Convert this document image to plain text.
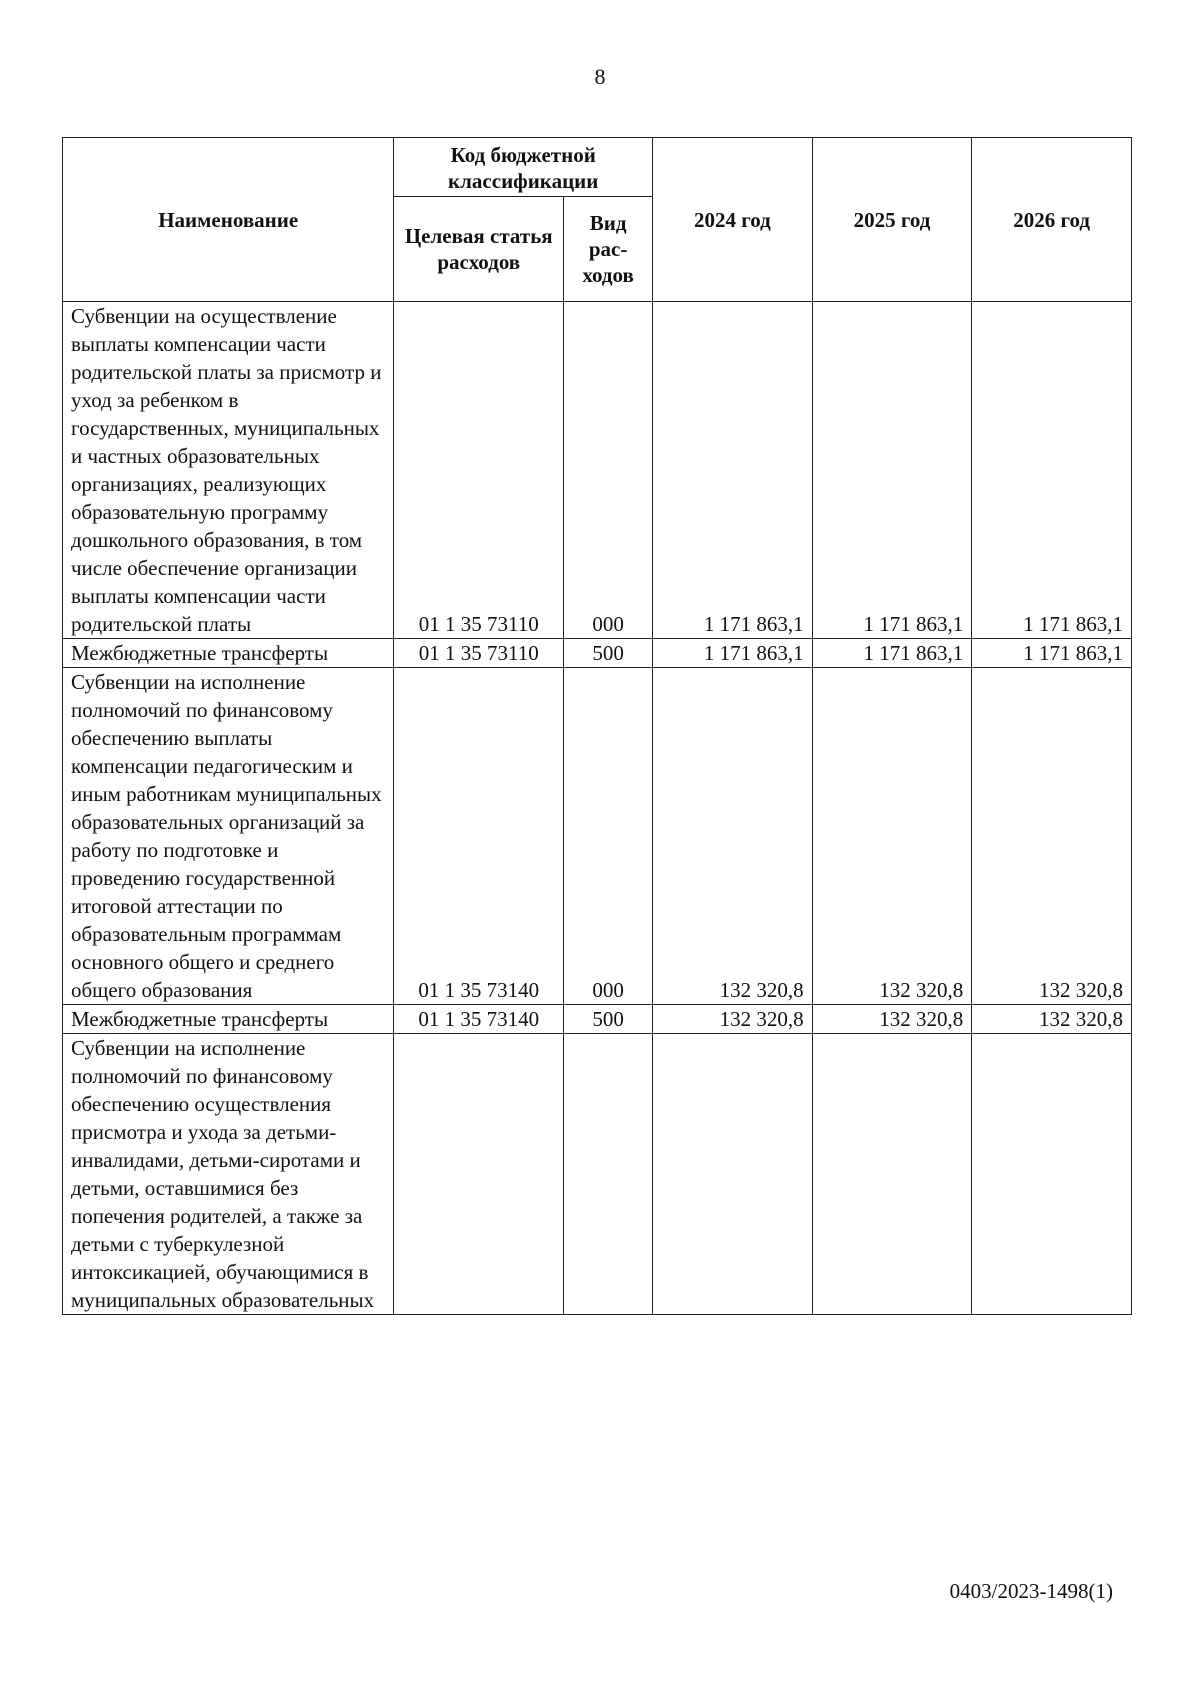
8
Наименование	Код бюджетной классификации		2024 год	2025 год	2026 год
	Целевая статья расходов	Вид рас-ходов			
Субвенции на осуществление выплаты компенсации части родительской платы за присмотр и уход за ребенком в государственных, муниципальных и частных образовательных организациях, реализующих образовательную программу дошкольного образования, в том числе обеспечение организации выплаты компенсации части родительской платы	01 1 35 73110	000	1 171 863,1	1 171 863,1	1 171 863,1
Межбюджетные трансферты	01 1 35 73110	500	1 171 863,1	1 171 863,1	1 171 863,1
Субвенции на исполнение полномочий по финансовому обеспечению выплаты компенсации педагогическим и иным работникам муниципальных образовательных организаций за работу по подготовке и проведению государственной итоговой аттестации по образовательным программам основного общего и среднего общего образования	01 1 35 73140	000	132 320,8	132 320,8	132 320,8
Межбюджетные трансферты	01 1 35 73140	500	132 320,8	132 320,8	132 320,8
Субвенции на исполнение полномочий по финансовому обеспечению осуществления присмотра и ухода за детьми-инвалидами, детьми-сиротами и детьми, оставшимися без попечения родителей, а также за детьми с туберкулезной интоксикацией, обучающимися в муниципальных образовательных					
0403/2023-1498(1)
